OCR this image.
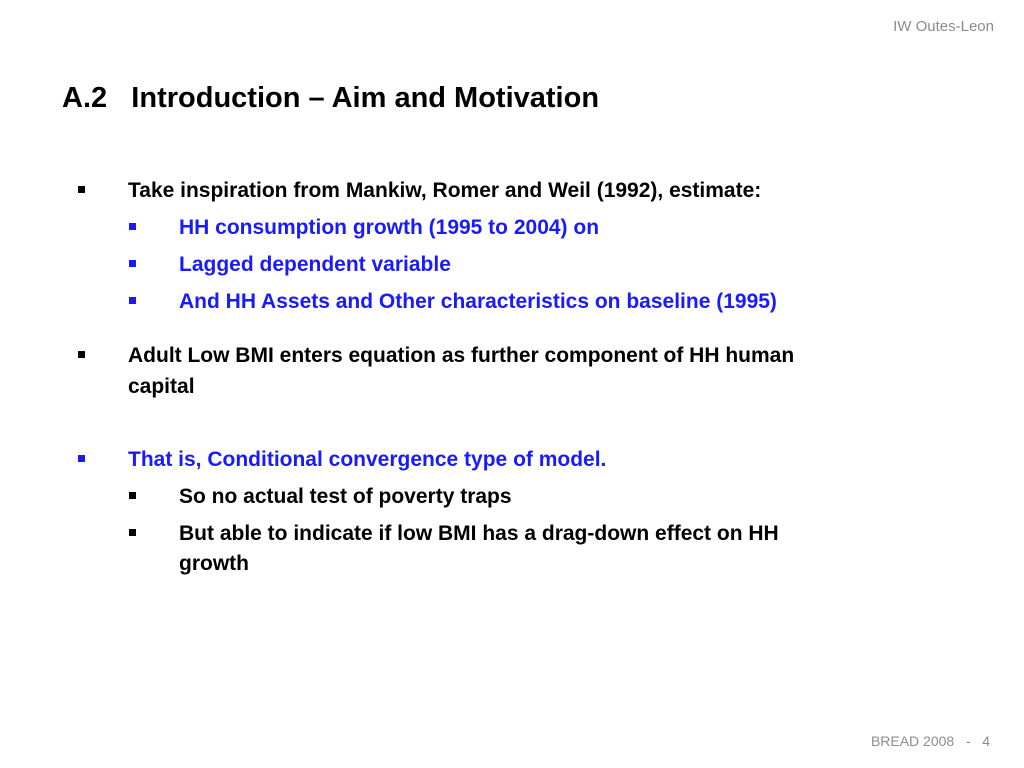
IW Outes-Leon
A.2   Introduction – Aim and Motivation
Take inspiration from Mankiw, Romer and Weil (1992), estimate:
HH consumption growth (1995 to 2004) on
Lagged dependent variable
And HH Assets and Other characteristics on baseline (1995)
Adult Low BMI enters equation as further component of HH human
capital
That is, Conditional convergence type of model.
So no actual test of poverty traps
But able to indicate if low BMI has a drag-down effect on HH
growth
BREAD 2008   -   4
